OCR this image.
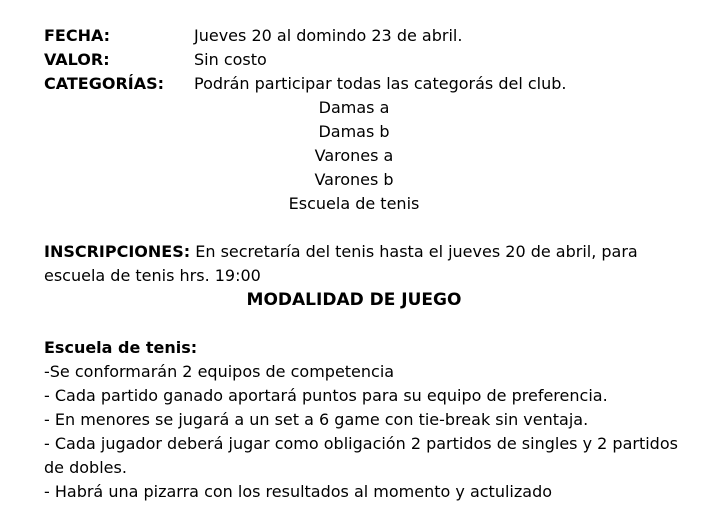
FECHA:	Jueves 20 al domindo 23 de abril.
VALOR:	Sin costo
CATEGORÍAS:	Podrán participar todas las categorás del club.
Damas a
Damas b
Varones a
Varones b
Escuela de tenis
INSCRIPCIONES: En secretaría del tenis hasta el jueves 20 de abril, para escuela de tenis hrs. 19:00
MODALIDAD DE JUEGO
Escuela de tenis:
-Se conformarán 2 equipos de competencia
- Cada partido ganado aportará puntos para su equipo de preferencia.
- En menores se jugará a un set a 6 game con tie-break sin ventaja.
- Cada jugador deberá jugar como obligación 2 partidos de singles y 2 partidos de dobles.
- Habrá una pizarra con los resultados al momento y actulizado
